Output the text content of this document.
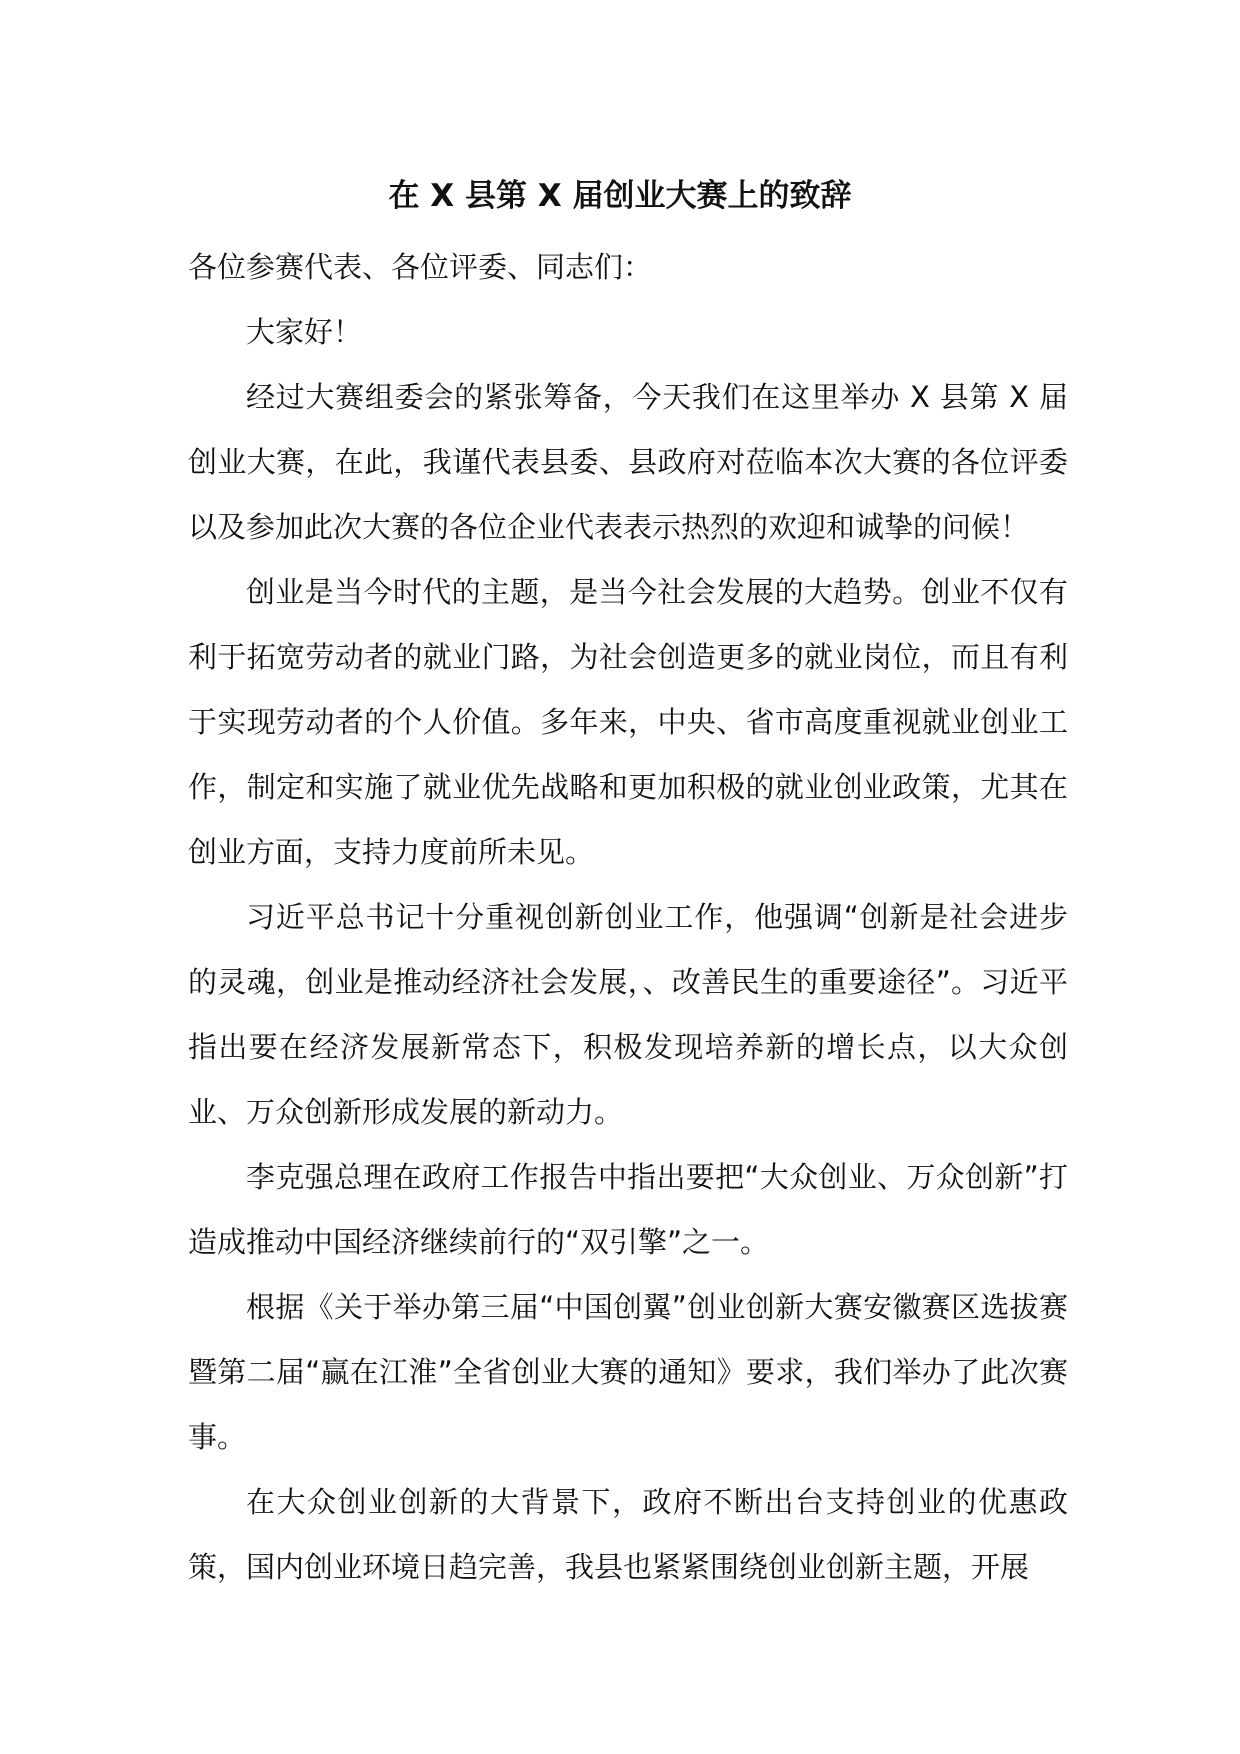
在 X 县第 X 届创业大赛上的致辞

各位参赛代表、各位评委、同志们：

大家好！

经过大赛组委会的紧张筹备，今天我们在这里举办 X 县第 X 届创业大赛，在此，我谨代表县委、县政府对莅临本次大赛的各位评委以及参加此次大赛的各位企业代表表示热烈的欢迎和诚挚的问候！

创业是当今时代的主题，是当今社会发展的大趋势。创业不仅有利于拓宽劳动者的就业门路，为社会创造更多的就业岗位，而且有利于实现劳动者的个人价值。多年来，中央、省市高度重视就业创业工作，制定和实施了就业优先战略和更加积极的就业创业政策，尤其在创业方面，支持力度前所未见。

习近平总书记十分重视创新创业工作，他强调“创新是社会进步的灵魂，创业是推动经济社会发展，、改善民生的重要途径”。习近平指出要在经济发展新常态下，积极发现培养新的增长点，以大众创业、万众创新形成发展的新动力。

李克强总理在政府工作报告中指出要把“大众创业、万众创新”打造成推动中国经济继续前行的“双引擎”之一。

根据《关于举办第三届“中国创翼”创业创新大赛安徽赛区选拔赛暨第二届“赢在江淮”全省创业大赛的通知》要求，我们举办了此次赛事。

在大众创业创新的大背景下，政府不断出台支持创业的优惠政策，国内创业环境日趋完善，我县也紧紧围绕创业创新主题，开展
